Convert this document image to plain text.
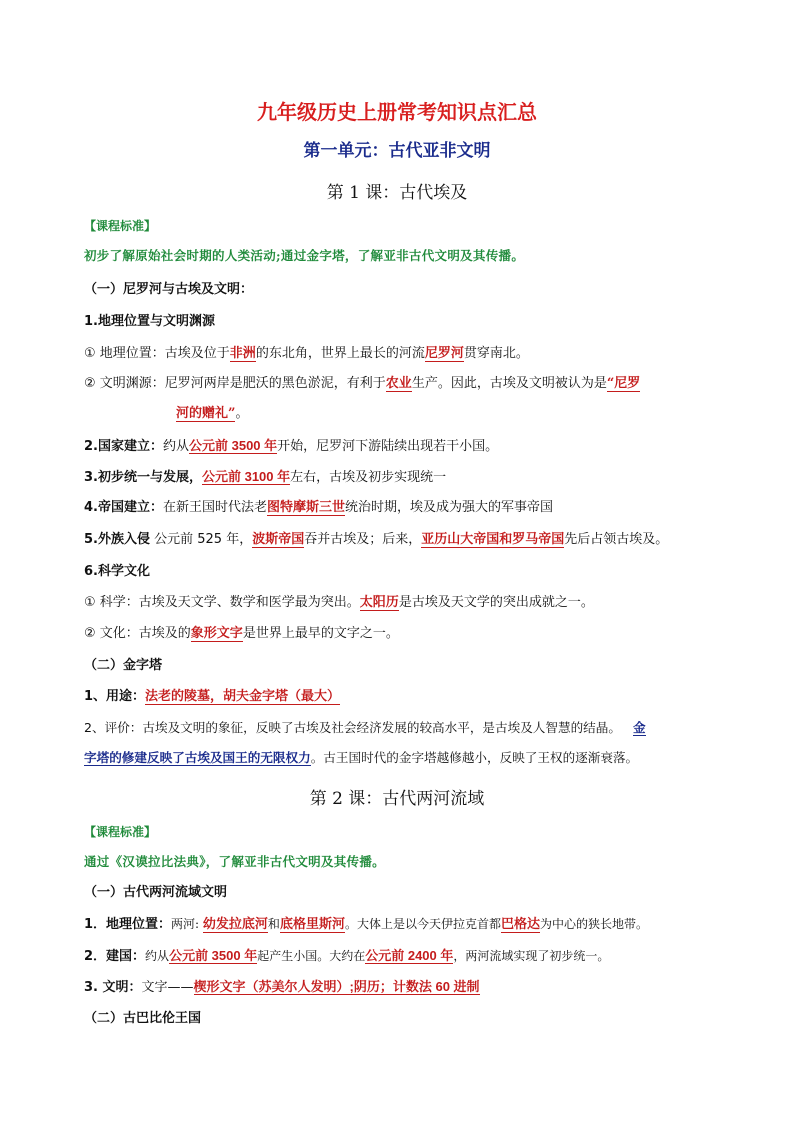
九年级历史上册常考知识点汇总
第一单元：古代亚非文明
第 1 课：古代埃及
【课程标准】
初步了解原始社会时期的人类活动;通过金字塔，了解亚非古代文明及其传播。
（一）尼罗河与古埃及文明：
1.地理位置与文明渊源
① 地理位置：古埃及位于非洲的东北角，世界上最长的河流尼罗河贯穿南北。
② 文明渊源：尼罗河两岸是肥沃的黑色淤泥，有利于农业生产。因此，古埃及文明被认为是“尼罗
河的赠礼”。
2.国家建立：约从公元前 3500 年开始，尼罗河下游陆续出现若干小国。
3.初步统一与发展，公元前 3100 年左右，古埃及初步实现统一
4.帝国建立：在新王国时代法老图特摩斯三世统治时期，埃及成为强大的军事帝国
5.外族入侵 公元前 525 年，波斯帝国吞并古埃及；后来，亚历山大帝国和罗马帝国先后占领古埃及。
6.科学文化
① 科学：古埃及天文学、数学和医学最为突出。太阳历是古埃及天文学的突出成就之一。
② 文化：古埃及的象形文字是世界上最早的文字之一。
（二）金字塔
1、用途：法老的陵墓，胡夫金字塔（最大）
2、评价：古埃及文明的象征，反映了古埃及社会经济发展的较高水平，是古埃及人智慧的结晶。 金
字塔的修建反映了古埃及国王的无限权力。古王国时代的金字塔越修越小，反映了王权的逐渐衰落。
第 2 课：古代两河流域
【课程标准】
通过《汉谟拉比法典》，了解亚非古代文明及其传播。
（一）古代两河流域文明
1．地理位置：两河: 幼发拉底河和底格里斯河。大体上是以今天伊拉克首都巴格达为中心的狭长地带。
2．建国：约从公元前 3500 年起产生小国。大约在公元前 2400 年，两河流域实现了初步统一。
3. 文明：文字——楔形文字（苏美尔人发明）;阴历；计数法 60 进制
（二）古巴比伦王国
